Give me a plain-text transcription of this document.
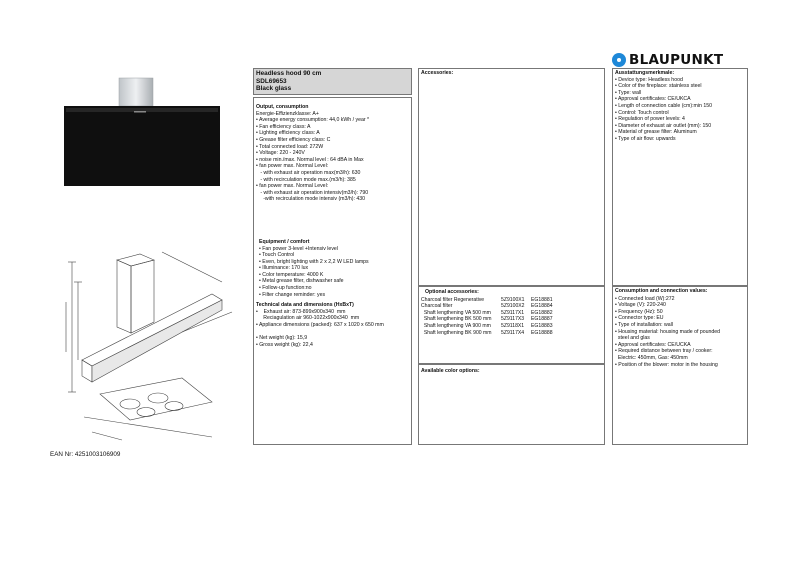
EAN Nr: 4251003106909
Headless hood 90 cm
SDL69653
Black glass
Output, consumption
Energie-Effizienzklasse: A+
• Average energy consumption: 44,0 kWh / year *
• Fan efficiency class: A
• Lighting efficiency class: A
• Grease filter efficiency class: C
• Total connected load: 272W
• Voltage: 220 - 240V
• noise min./max. Normal level : 64 dBA in Max
• fan power max. Normal Level:
- with exhaust air operation max(m3/h): 630
- with recirculation mode max.(m3/h): 385
• fan power max. Normal Level:
- with exhaust air operation intensiv(m3/h): 790
-with recirculation mode intensiv (m3/h): 430
Equipment / comfort
• Fan power 3-level +Intensiv level
• Touch Control
• Even, bright lighting with 2 x 2,2 W LED lamps
• Illuminance: 170 lux
• Color temperature: 4000 K
• Metal grease filter, dishwasher safe
• Follow-up function:no
• Filter change reminder: yes
Technical data and dimensions (HxBxT)
•    Exhaust air: 873-899x900x340  mm
Reciagulation air 960-1022x900x340  mm
• Appliance dimensions (packed): 637 x 1020 x 650 mm

• Net weight (kg): 15,9
• Gross weight (kg): 22,4
Accessories:
Optional accessories:
Charcoal filter Regenerative	5Z9100X1	EG18881
Charcoal filter	5Z9100X2	EG18884
Shaft lengthening VA 500 mm	5Z9117X1	EG18882
Shaft lengthening BK 500 mm	5Z9117X3	EG18887
Shaft lengthening VA 900 mm	5Z9118X1	EG18883
Shaft lengthening BK 900 mm	5Z9117X4	EG18888
Available color options:
BLAUPUNKT
Ausstattungsmerkmale:
• Device type: Headless hood
• Color of the fireplace: stainless steel
• Type: wall
• Approval certificates: CE/UKCA
• Length of connection cable (cm):min 150
• Control: Touch control
• Regulation of power levels: 4
• Diameter of exhaust air outlet (mm): 150
• Material of grease filter: Aluminum
• Type of air flow: upwards
Consumption and connection values:
• Connected load (W):272
• Voltage (V): 220-240
• Frequency (Hz): 50
• Connector type: EU
• Type of installation: wall
• Housing material: housing made of pounded
steel and glas
• Approval certificates: CE/UCKA
• Required distance between tray / cooker:
Electric: 450mm, Gas: 450mm
• Position of the blower: motor in the housing
